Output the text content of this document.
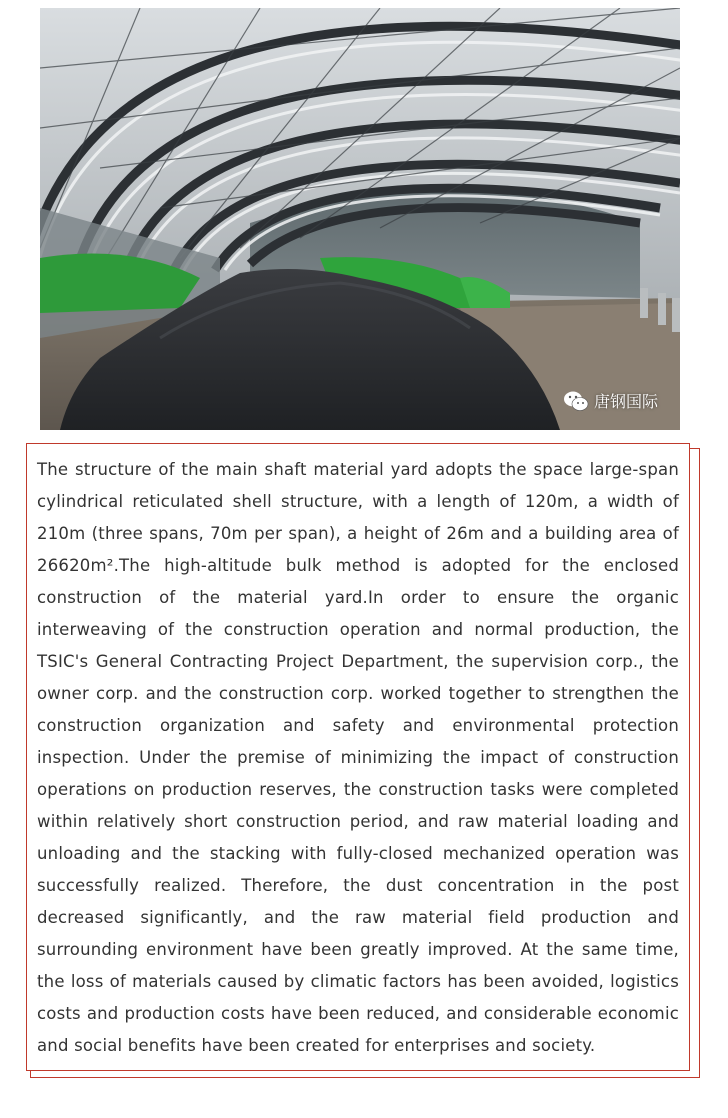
唐钢国际

The structure of the main shaft material yard adopts the space large-span cylindrical reticulated shell structure, with a length of 120m, a width of 210m (three spans, 70m per span), a height of 26m and a building area of 26620m².The high-altitude bulk method is adopted for the enclosed construction of the material yard.In order to ensure the organic interweaving of the construction operation and normal production, the TSIC's General Contracting Project Department, the supervision corp., the owner corp. and the construction corp. worked together to strengthen the construction organization and safety and environmental protection inspection. Under the premise of minimizing the impact of construction operations on production reserves, the construction tasks were completed within relatively short construction period, and raw material loading and unloading and the stacking with fully-closed mechanized operation was successfully realized. Therefore, the dust concentration in the post decreased significantly, and the raw material field production and surrounding environment have been greatly improved. At the same time, the loss of materials caused by climatic factors has been avoided, logistics costs and production costs have been reduced, and considerable economic and social benefits have been created for enterprises and society.
